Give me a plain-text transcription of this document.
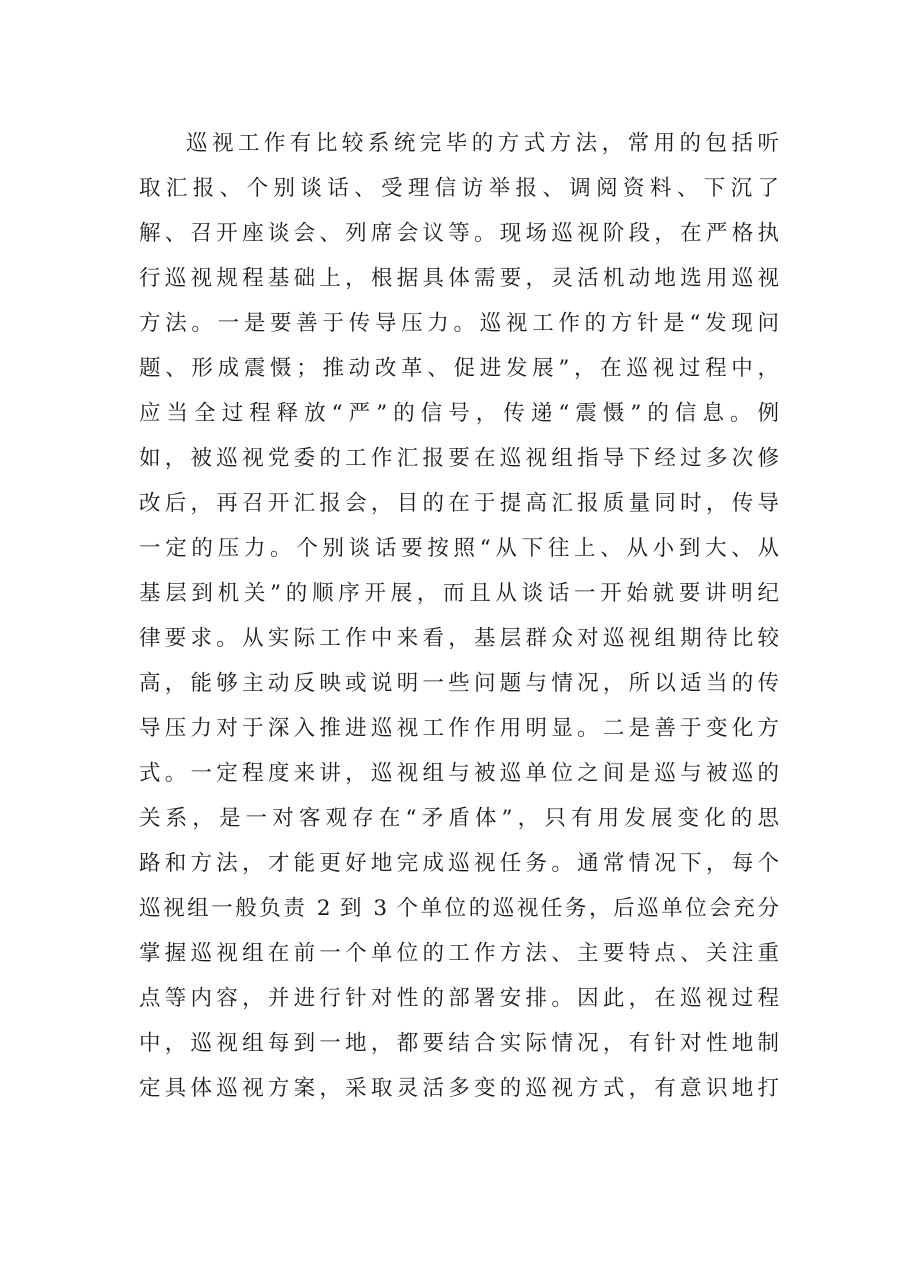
巡视工作有比较系统完毕的方式方法，常用的包括听
取汇报、个别谈话、受理信访举报、调阅资料、下沉了
解、召开座谈会、列席会议等。现场巡视阶段，在严格执
行巡视规程基础上，根据具体需要，灵活机动地选用巡视
方法。一是要善于传导压力。巡视工作的方针是“发现问
题、形成震慑；推动改革、促进发展”，在巡视过程中，
应当全过程释放“严”的信号，传递“震慑”的信息。例
如，被巡视党委的工作汇报要在巡视组指导下经过多次修
改后，再召开汇报会，目的在于提高汇报质量同时，传导
一定的压力。个别谈话要按照“从下往上、从小到大、从
基层到机关”的顺序开展，而且从谈话一开始就要讲明纪
律要求。从实际工作中来看，基层群众对巡视组期待比较
高，能够主动反映或说明一些问题与情况，所以适当的传
导压力对于深入推进巡视工作作用明显。二是善于变化方
式。一定程度来讲，巡视组与被巡单位之间是巡与被巡的
关系，是一对客观存在“矛盾体”，只有用发展变化的思
路和方法，才能更好地完成巡视任务。通常情况下，每个
巡视组一般负责 2 到 3 个单位的巡视任务，后巡单位会充分
掌握巡视组在前一个单位的工作方法、主要特点、关注重
点等内容，并进行针对性的部署安排。因此，在巡视过程
中，巡视组每到一地，都要结合实际情况，有针对性地制
定具体巡视方案，采取灵活多变的巡视方式，有意识地打
